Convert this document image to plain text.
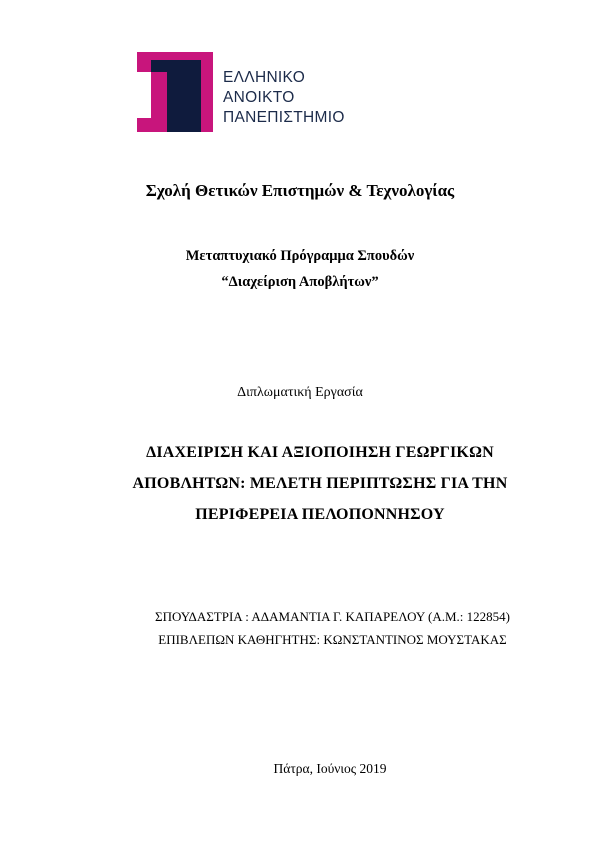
ΕΛΛΗΝΙΚΟ
ΑΝΟΙΚΤΟ
ΠΑΝΕΠΙΣΤΗΜΙΟ
Σχολή Θετικών Επιστημών & Τεχνολογίας
Μεταπτυχιακό Πρόγραμμα Σπουδών
“Διαχείριση Αποβλήτων”
Διπλωματική Εργασία
ΔΙΑΧΕΙΡΙΣΗ ΚΑΙ ΑΞΙΟΠΟΙΗΣΗ ΓΕΩΡΓΙΚΩΝ
ΑΠΟΒΛΗΤΩΝ: ΜΕΛΕΤΗ ΠΕΡΙΠΤΩΣΗΣ ΓΙΑ ΤΗΝ
ΠΕΡΙΦΕΡΕΙΑ ΠΕΛΟΠΟΝΝΗΣΟΥ
ΣΠΟΥΔΑΣΤΡΙΑ : ΑΔΑΜΑΝΤΙΑ Γ. ΚΑΠΑΡΕΛΟΥ (Α.Μ.: 122854)
ΕΠΙΒΛΕΠΩΝ ΚΑΘΗΓΗΤΗΣ: ΚΩΝΣΤΑΝΤΙΝΟΣ ΜΟΥΣΤΑΚΑΣ
Πάτρα, Ιούνιος 2019
